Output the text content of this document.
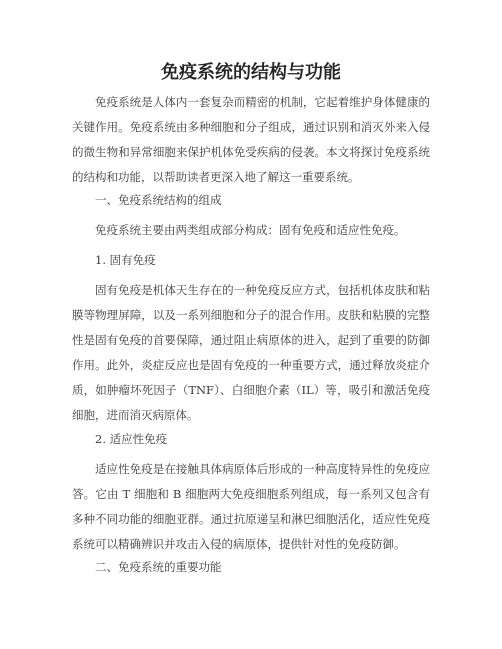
免疫系统的结构与功能

免疫系统是人体内一套复杂而精密的机制，它起着维护身体健康的关键作用。免疫系统由多种细胞和分子组成，通过识别和消灭外来入侵的微生物和异常细胞来保护机体免受疾病的侵袭。本文将探讨免疫系统的结构和功能，以帮助读者更深入地了解这一重要系统。

一、免疫系统结构的组成

免疫系统主要由两类组成部分构成：固有免疫和适应性免疫。

1. 固有免疫

固有免疫是机体天生存在的一种免疫反应方式，包括机体皮肤和粘膜等物理屏障，以及一系列细胞和分子的混合作用。皮肤和粘膜的完整性是固有免疫的首要保障，通过阻止病原体的进入，起到了重要的防御作用。此外，炎症反应也是固有免疫的一种重要方式，通过释放炎症介质，如肿瘤坏死因子（TNF）、白细胞介素（IL）等，吸引和激活免疫细胞，进而消灭病原体。

2. 适应性免疫

适应性免疫是在接触具体病原体后形成的一种高度特异性的免疫应答。它由 T 细胞和 B 细胞两大免疫细胞系列组成，每一系列又包含有多种不同功能的细胞亚群。通过抗原递呈和淋巴细胞活化，适应性免疫系统可以精确辨识并攻击入侵的病原体，提供针对性的免疫防御。

二、免疫系统的重要功能
